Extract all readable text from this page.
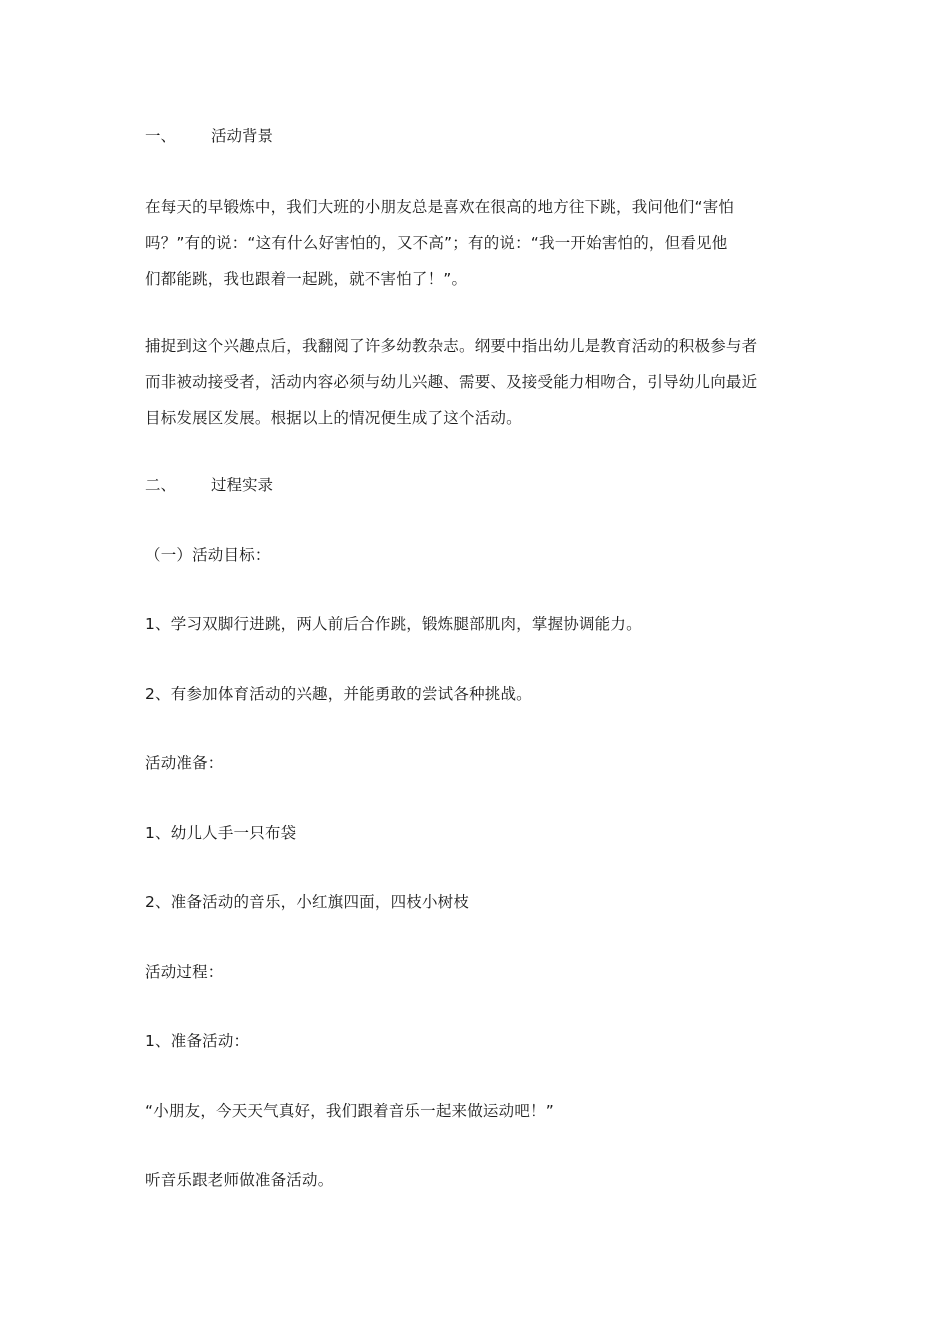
一、	活动背景
在每天的早锻炼中，我们大班的小朋友总是喜欢在很高的地方往下跳，我问他们“害怕
吗？”有的说：“这有什么好害怕的，又不高”；有的说：“我一开始害怕的，但看见他
们都能跳，我也跟着一起跳，就不害怕了！”。
捕捉到这个兴趣点后，我翻阅了许多幼教杂志。纲要中指出幼儿是教育活动的积极参与者
而非被动接受者，活动内容必须与幼儿兴趣、需要、及接受能力相吻合，引导幼儿向最近
目标发展区发展。根据以上的情况便生成了这个活动。
二、	过程实录
（一）活动目标：
1、学习双脚行进跳，两人前后合作跳，锻炼腿部肌肉，掌握协调能力。
2、有参加体育活动的兴趣，并能勇敢的尝试各种挑战。
活动准备：
1、幼儿人手一只布袋
2、准备活动的音乐，小红旗四面，四枝小树枝
活动过程：
1、准备活动：
“小朋友，今天天气真好，我们跟着音乐一起来做运动吧！”
听音乐跟老师做准备活动。
